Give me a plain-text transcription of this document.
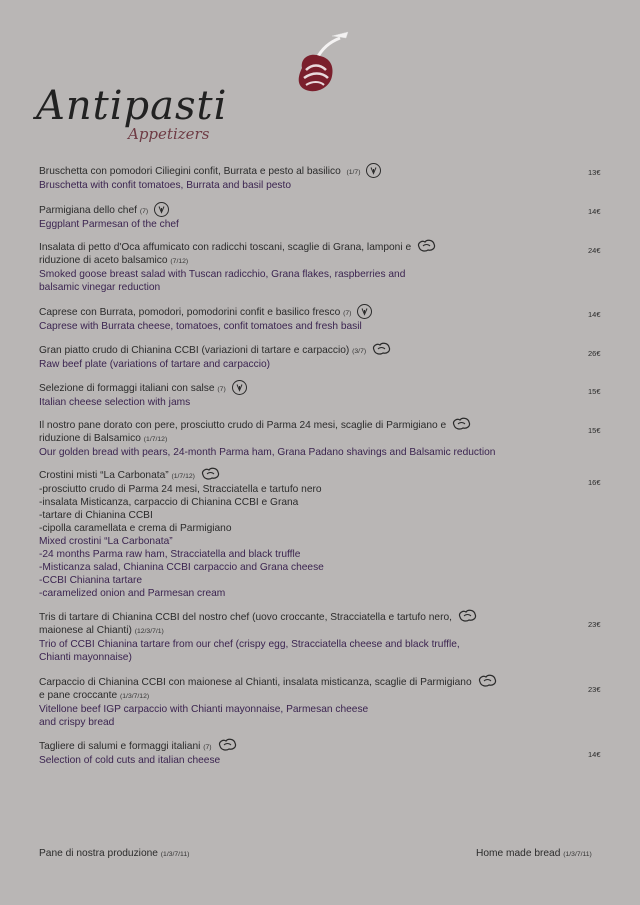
Antipasti
Appetizers
Bruschetta con pomodori Ciliegini confit, Burrata e pesto al basilico (1/7)
Bruschetta with confit tomatoes, Burrata and basil pesto
13€
Parmigiana dello chef (7)
Eggplant Parmesan of the chef
14€
Insalata di petto d'Oca affumicato con radicchi toscani, scaglie di Grana, lamponi e
riduzione di aceto balsamico (7/12)
Smoked goose breast salad with Tuscan radicchio, Grana flakes, raspberries and
balsamic vinegar reduction
24€
Caprese con Burrata, pomodori, pomodorini confit e basilico fresco (7)
Caprese with Burrata cheese, tomatoes, confit tomatoes and fresh basil
14€
Gran piatto crudo di Chianina CCBI (variazioni di tartare e carpaccio) (3/7)
Raw beef plate (variations of tartare and carpaccio)
26€
Selezione di formaggi italiani con salse (7)
Italian cheese selection with jams
15€
Il nostro pane dorato con pere, prosciutto crudo di Parma 24 mesi, scaglie di Parmigiano e
riduzione di Balsamico (1/7/12)
Our golden bread with pears, 24-month Parma ham, Grana Padano shavings and Balsamic reduction
15€
Crostini misti “La Carbonata” (1/7/12)
-prosciutto crudo di Parma 24 mesi, Stracciatella e tartufo nero
-insalata Misticanza, carpaccio di Chianina CCBI e Grana
-tartare di Chianina CCBI
-cipolla caramellata e crema di Parmigiano
Mixed crostini “La Carbonata”
-24 months Parma raw ham, Stracciatella and black truffle
-Misticanza salad, Chianina CCBI carpaccio and Grana cheese
-CCBI Chianina tartare
-caramelized onion and Parmesan cream
16€
Tris di tartare di Chianina CCBI del nostro chef (uovo croccante, Stracciatella e tartufo nero,
maionese al Chianti) (12/3/7/1)
Trio of CCBI Chianina tartare from our chef (crispy egg, Stracciatella cheese and black truffle,
Chianti mayonnaise)
23€
Carpaccio di Chianina CCBI con maionese al Chianti, insalata misticanza, scaglie di Parmigiano
e pane croccante (1/3/7/12)
Vitellone beef IGP carpaccio with Chianti mayonnaise, Parmesan cheese
and crispy bread
23€
Tagliere di salumi e formaggi italiani (7)
Selection of cold cuts and italian cheese
14€
Pane di nostra produzione (1/3/7/11)	Home made bread (1/3/7/11)
